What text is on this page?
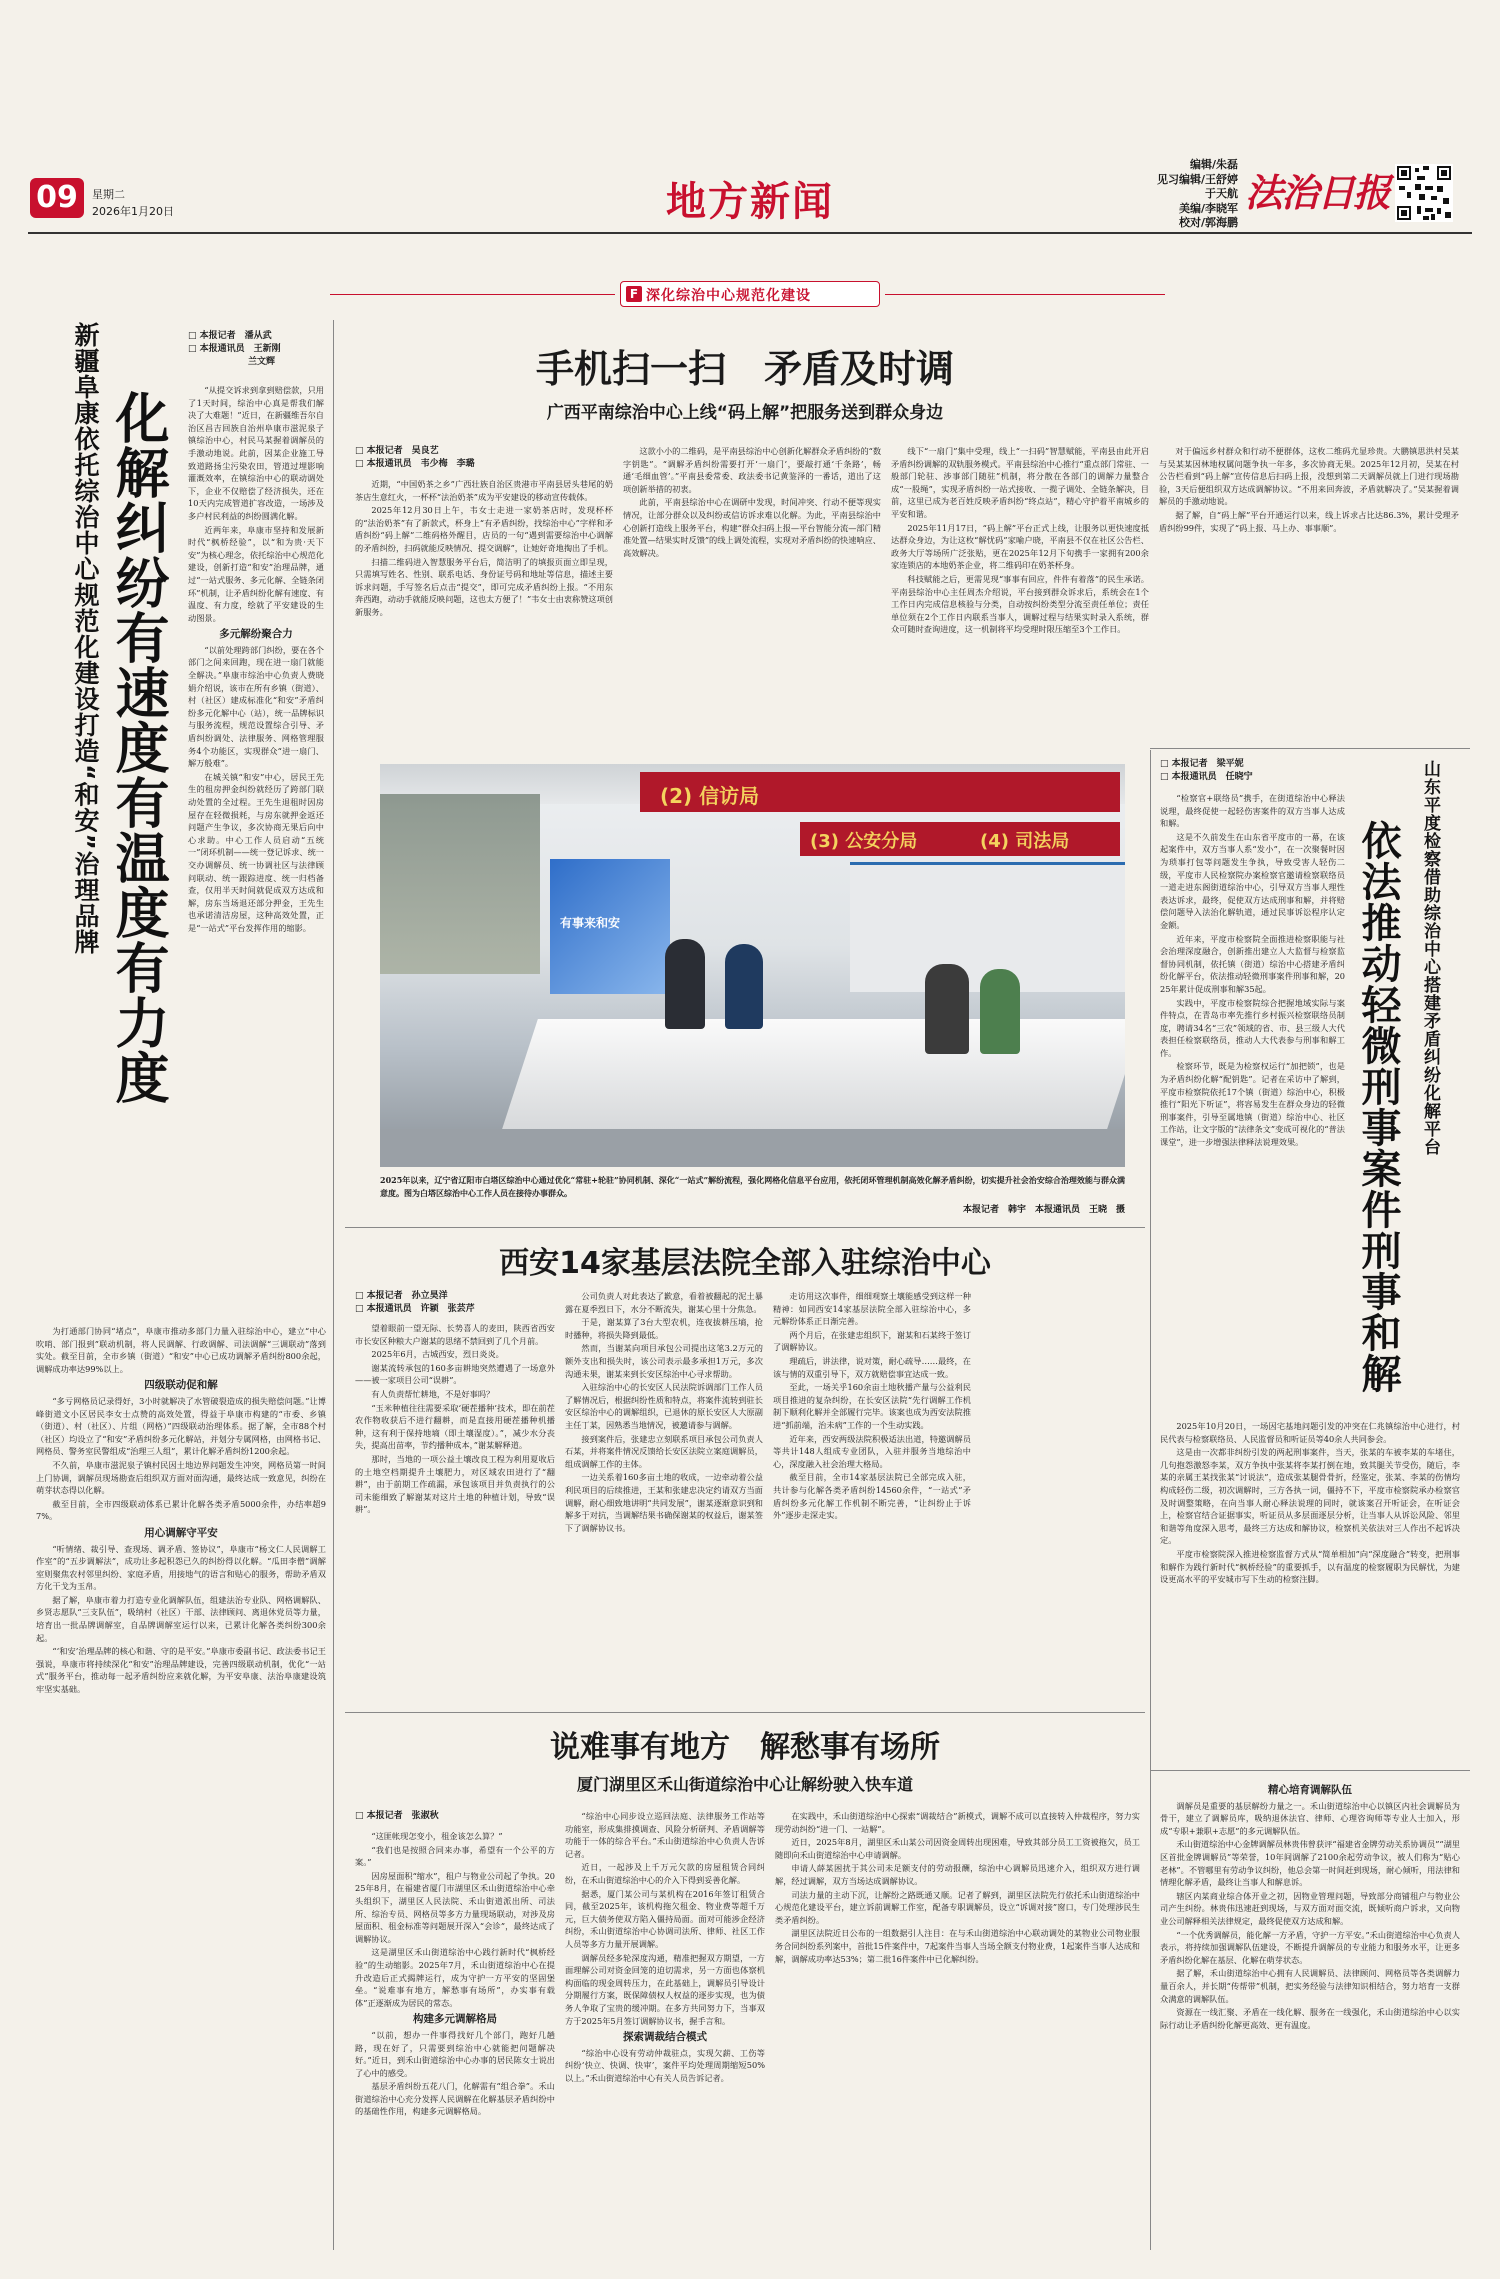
09	星期二
2026年1月20日	地方新闻
编辑/朱磊
见习编辑/王舒婷
于天航
美编/李晓军
校对/郭海鹏
法治日报
F 深化综治中心规范化建设
新疆阜康依托综治中心规范化建设打造“和安”治理品牌 化解纠纷有速度有温度有力度
□ 本报记者　潘从武
□ 本报通讯员　王新刚
兰文辉

“从提交诉求到拿到赔偿款，只用了1天时间，综治中心真是帮我们解决了大难题！”近日，在新疆维吾尔自治区昌吉回族自治州阜康市滋泥泉子镇综治中心，村民马某握着调解员的手激动地说。此前，因某企业施工导致道路扬尘污染农田，管道过埋影响灌溉效率，在镇综治中心的联动调处下，企业不仅赔偿了经济损失，还在10天内完成管道扩容改造，一场涉及多户村民利益的纠纷圆满化解。

近两年来，阜康市坚持和发展新时代“枫桥经验”，以“和为贵·天下安”为核心理念，依托综治中心规范化建设，创新打造“和安”治理品牌，通过“一站式服务、多元化解、全链条闭环”机制，让矛盾纠纷化解有速度、有温度、有力度，绘就了平安建设的生动图景。

多元解纷聚合力

“以前处理跨部门纠纷，要在各个部门之间来回跑，现在进一扇门就能全解决。”阜康市综治中心负责人费晓娟介绍说，该市在所有乡镇（街道）、村（社区）建成标准化“和安”矛盾纠纷多元化解中心（站），统一品牌标识与服务流程，规范设置综合引导、矛盾纠纷调处、法律服务、网格管理服务4个功能区，实现群众“进一扇门、解万般难”。

在城关镇“和安”中心，居民王先生的租房押金纠纷就经历了跨部门联动处置的全过程。王先生退租时因房屋存在轻微损耗，与房东就押金返还问题产生争议，多次协商无果后向中心求助。中心工作人员启动“五统一”闭环机制——统一登记诉求、统一交办调解员、统一协调社区与法律顾问联动、统一跟踪进度、统一归档备查，仅用半天时间就促成双方达成和解，房东当场退还部分押金，王先生也承诺清洁房屋，这种高效处置，正是“一站式”平台发挥作用的缩影。

为打通部门协同“堵点”，阜康市推动多部门力量入驻综治中心，建立“中心吹哨、部门报到”联动机制，将人民调解、行政调解、司法调解“三调联动”落到实处。截至目前，全市乡镇（街道）“和安”中心已成功调解矛盾纠纷800余起，调解成功率达99%以上。

四级联动促和解

“多亏网格员记录得好，3小时就解决了水管破裂造成的损失赔偿问题。”让博峰街道文小区居民李女士点赞的高效处置，得益于阜康市构建的“市委、乡镇（街道）、村（社区）、片组（网格）”四级联动治理体系。据了解，全市88个村（社区）均设立了“和安”矛盾纠纷多元化解站，并划分专属网格，由网格书记、网格员、警务室民警组成“治理三人组”，累计化解矛盾纠纷1200余起。

不久前，阜康市滋泥泉子镇村民因土地边界问题发生冲突，网格员第一时间上门协调，调解员现场勘查后组织双方面对面沟通，最终达成一致意见，纠纷在萌芽状态得以化解。

截至目前，全市四级联动体系已累计化解各类矛盾5000余件，办结率超97%。

用心调解守平安

“听情绪、裁引导、查现场、调矛盾、签协议”，阜康市“杨文仁人民调解工作室”的“五步调解法”，成功让多起积怨已久的纠纷得以化解。“瓜田李僧”调解室则聚焦农村邻里纠纷、家庭矛盾，用接地气的语言和贴心的服务，帮助矛盾双方化干戈为玉帛。

据了解，阜康市着力打造专业化调解队伍，组建法治专业队、网格调解队、乡贤志愿队“三支队伍”，吸纳村（社区）干部、法律顾问、离退休党员等力量，培育出一批品牌调解室，自品牌调解室运行以来，已累计化解各类纠纷300余起。

“‘和安’治理品牌的核心和谐、守的是平安。”阜康市委副书记、政法委书记王强说，阜康市将持续深化“和安”治理品牌建设，完善四级联动机制，优化“一站式”服务平台，推动每一起矛盾纠纷应来就化解，为平安阜康、法治阜康建设筑牢坚实基础。

手机扫一扫　矛盾及时调
广西平南综治中心上线“码上解”把服务送到群众身边
□ 本报记者　吴良艺
□ 本报通讯员　韦少梅　李璐

近期，“中国奶茶之乡”广西壮族自治区贵港市平南县居头巷尾的奶茶店生意红火，一杯杯“法治奶茶”成为平安建设的移动宣传载体。

2025年12月30日上午，韦女士走进一家奶茶店时，发现杯杯的“法治奶茶”有了新款式，杯身上“有矛盾纠纷，找综治中心”字样和矛盾纠纷“码上解”二维码格外醒目，店员的一句“遇到需要综治中心调解的矛盾纠纷，扫码就能反映情况、提交调解”，让她好奇地掏出了手机。

扫描二维码进入智慧服务平台后，简洁明了的填报页面立即呈现，只需填写姓名、性别、联系电话、身份证号码和地址等信息，描述主要诉求问题，手写签名后点击“提交”，即可完成矛盾纠纷上报。“不用东奔西跑，动动手就能反映问题，这也太方便了！”韦女士由衷称赞这项创新服务。

这款小小的二维码，是平南县综治中心创新化解群众矛盾纠纷的“数字钥匙”。“调解矛盾纠纷需要打开‘一扇门’，要敲打通‘千条路’，畅通‘毛细血管’。”平南县委常委、政法委书记黄鉴泽的一番话，道出了这项创新举措的初衷。

此前，平南县综治中心在调研中发现，时间冲突、行动不便等现实情况，让部分群众以及纠纷或信访诉求难以化解。为此，平南县综治中心创新打造线上服务平台，构建“群众扫码上报—平台智能分流—部门精准处置—结果实时反馈”的线上调处流程，实现对矛盾纠纷的快速响应、高效解决。

线下“一扇门”集中受理，线上“一扫码”智慧赋能，平南县由此开启矛盾纠纷调解的双轨服务模式。平南县综治中心推行“重点部门常驻、一般部门轮驻、涉事部门随驻”机制，将分散在各部门的调解力量整合成“一股绳”，实现矛盾纠纷一站式接收、一揽子调处、全链条解决，目前，这里已成为老百姓反映矛盾纠纷“终点站”，精心守护着平南城乡的平安和谐。

2025年11月17日，“码上解”平台正式上线，让服务以更快速度抵达群众身边，为让这枚“解忧码”家喻户晓，平南县不仅在社区公告栏、政务大厅等场所广泛张贴，更在2025年12月下旬携手一家拥有200余家连锁店的本地奶茶企业，将二维码印在奶茶杯身。

科技赋能之后，更需见现“事事有回应，件件有着落”的民生承诺。平南县综治中心主任周杰介绍说，平台接到群众诉求后，系统会在1个工作日内完成信息核验与分类，自动按纠纷类型分流至责任单位；责任单位须在2个工作日内联系当事人，调解过程与结果实时录入系统，群众可随时查询进度，这一机制将平均受理时限压缩至3个工作日。

对于偏远乡村群众和行动不便群体，这枚二维码尤显珍贵。大鹏镇思洪村吴某与吴某某因林地权属问题争执一年多，多次协商无果。2025年12月初，吴某在村公告栏看到“码上解”宣传信息后扫码上报，没想到第二天调解员就上门进行现场勘验，3天后便组织双方达成调解协议。“不用来回奔波，矛盾就解决了。”吴某握着调解员的手激动地说。

据了解，自“码上解”平台开通运行以来，线上诉求占比达86.3%，累计受理矛盾纠纷99件，实现了“码上报、马上办、事事顺”。

(2) 信访局
(3) 公安分局	(4) 司法局
有事来和安
2025年以来，辽宁省辽阳市白塔区综治中心通过优化“常驻+轮驻”协同机制、深化“一站式”解纷流程，强化网格化信息平台应用，依托闭环管理机制高效化解矛盾纠纷，切实提升社会治安综合治理效能与群众满意度。图为白塔区综治中心工作人员在接待办事群众。
本报记者　韩宇　本报通讯员　王晓　摄
山东平度检察借助综治中心搭建矛盾纠纷化解平台
依法推动轻微刑事案件刑事和解
□ 本报记者　梁平妮
□ 本报通讯员　任晓宁

“检察官+联络员”携手，在街道综治中心释法说理，最终促使一起轻伤害案件的双方当事人达成和解。

这是不久前发生在山东省平度市的一幕，在该起案件中，双方当事人系“发小”，在一次聚餐时因为琐事打包等问题发生争执，导致受害人轻伤二级，平度市人民检察院办案检察官邀请检察联络员一道走进东阁街道综治中心，引导双方当事人理性表达诉求，最终，促使双方达成刑事和解，并将赔偿问题导入法治化解轨道，通过民事诉讼程序认定金额。

近年来，平度市检察院全面推进检察职能与社会治理深度融合，创新推出建立人大监督与检察监督协同机制，依托镇（街道）综治中心搭建矛盾纠纷化解平台，依法推动轻微刑事案件刑事和解，2025年累计促成刑事和解35起。

实践中，平度市检察院综合把握地域实际与案件特点，在青岛市率先推行乡村振兴检察联络员制度，聘请34名“三农”领域的省、市、县三级人大代表担任检察联络员，推动人大代表参与刑事和解工作。

检察环节，既是为检察权运行“加把锁”，也是为矛盾纠纷化解“配钥匙”。记者在采访中了解到，平度市检察院依托17个镇（街道）综治中心，积极推行“阳光下听证”，将容易发生在群众身边的轻微刑事案件，引导至属地镇（街道）综治中心、社区工作站，让文字版的“法律条文”变成可视化的“普法课堂”，进一步增强法律释法说理效果。

2025年10月20日，一场因宅基地问题引发的冲突在仁兆镇综治中心进行，村民代表与检察联络员、人民监督员和听证员等40余人共同参会。

这是由一次都非纠纷引发的两起刑事案件，当天，张某的车被李某的车堵住，几句抱怨激怒李某，双方争执中张某将李某打倒在地，致其腿关节受伤，随后，李某的亲属王某找张某“讨说法”，造成张某腿骨骨折，经鉴定，张某、李某的伤情均构成轻伤二级，初次调解时，三方各执一词，僵持不下，平度市检察院承办检察官及时调整策略，在向当事人耐心释法说理的同时，就该案召开听证会，在听证会上，检察官结合证据事实，听证员从多层面逐层分析，让当事人从诉讼风险、邻里和谐等角度深入思考，最终三方达成和解协议，检察机关依法对三人作出不起诉决定。

平度市检察院深入推进检察监督方式从“简单相加”向“深度融合”转变，把刑事和解作为践行新时代“枫桥经验”的重要抓手，以有温度的检察履职为民解忧，为建设更高水平的平安城市写下生动的检察注脚。

西安14家基层法院全部入驻综治中心
□ 本报记者　孙立昊洋
□ 本报通讯员　许颖　张芸芹

望着眼前一望无际、长势喜人的麦田，陕西省西安市长安区种粮大户谢某的思绪不禁回到了几个月前。

2025年6月，古城西安，烈日炎炎。

谢某流转承包的160多亩耕地突然遭遇了一场意外——被一家项目公司“误耕”。

有人负责帮忙耕地，不是好事吗？

“玉米种植往往需要采取‘硬茬播种’技术，即在前茬农作物收获后不进行翻耕，而是直接用硬茬播种机播种，这有利于保持地墒（即土壤湿度）。”，减少水分丧失，提高出苗率，节约播种成本，”谢某解释道。

那时，当地的一项公益土壤改良工程为利用夏收后的土地空档期提升土壤肥力，对区域农田进行了“翻耕”，由于前期工作疏漏，承包该项目并负责执行的公司未能细致了解谢某对这片土地的种植计划，导致“误耕”。

公司负责人对此表达了歉意，看着被翻起的泥土暴露在夏季烈日下，水分不断流失，谢某心里十分焦急。

于是，谢某算了3台大型农机，连夜拔耕压墒，抢时播种，将损失降到最低。

然而，当谢某向项目承包公司提出这笔3.2万元的额外支出和损失时，该公司表示最多承担1万元，多次沟通未果，谢某来到长安区综治中心寻求帮助。

入驻综治中心的长安区人民法院诉调部门工作人员了解情况后，根据纠纷性质和特点，将案件流转到驻长安区综治中心的调解组织，已退休的原长安区人大原副主任丁某，因熟悉当地情况，被邀请参与调解。

接到案件后，张建忠立刻联系项目承包公司负责人石某，并将案件情况反馈给长安区法院立案庭调解员，组成调解工作的主体。

一边关系着160多亩土地的收成，一边牵动着公益利民项目的后续推进，王某和张建忠决定约请双方当面调解，耐心细致地讲明“共同发展”，谢某逐渐意识到和解多于对抗，当调解结果书确保谢某的权益后，谢某签下了调解协议书。

走访用这次事件，细细观察土壤能感受到这样一种精神：如同西安14家基层法院全部入驻综治中心，多元解纷体系正日渐完善。

两个月后，在张建忠组织下，谢某和石某终于签订了调解协议。

理疏后，讲法律，说对策，耐心疏导……最终，在该与情的双重引导下，双方就赔偿事宜达成一致。

至此，一场关乎160余亩土地秋播产量与公益利民项目推进的复杂纠纷，在长安区法院“先行调解工作机制下顺利化解并全部履行完毕。该案也成为西安法院推进“抓前端，治未病”工作的一个生动实践。

近年来，西安两级法院积极适法出道，特邀调解员等共计148人组成专业团队，入驻并服务当地综治中心，深度融入社会治理大格局。

截至目前，全市14家基层法院已全部完成入驻，共计参与化解各类矛盾纠纷14560余件，“一站式”矛盾纠纷多元化解工作机制不断完善，“让纠纷止于诉外”逐步走深走实。

说难事有地方　解愁事有场所
厦门湖里区禾山街道综治中心让解纷驶入快车道
□ 本报记者　张淑秋

“这匪帐现怎变小，租金该怎么算？”

“我们也是按照合同来办事，希望有一个公平的方案。”

因房屋面积“缩水”，租户与物业公司起了争执。2025年8月，在福建省厦门市湖里区禾山街道综治中心牵头组织下，湖里区人民法院、禾山街道派出所、司法所、综治专员、网格员等多方力量现场联动，对涉及房屋面积、租金标准等问题展开深入“会诊”，最终达成了调解协议。

这是湖里区禾山街道综治中心践行新时代“枫桥经验”的生动缩影。2025年7月，禾山街道综治中心在提升改造后正式揭牌运行，成为守护一方平安的坚固堡垒。“说难事有地方，解愁事有场所”，办实事有载体”正逐渐成为居民的常态。

构建多元调解格局

“以前，想办一件事得找好几个部门，跑好几趟路，现在好了，只需要到综治中心就能把问题解决好。”近日，到禾山街道综治中心办事的居民陈女士说出了心中的感受。

基层矛盾纠纷五花八门，化解需有“组合拳”。禾山街道综治中心充分发挥人民调解在化解基层矛盾纠纷中的基础性作用，构建多元调解格局。

“综治中心同步设立巡回法庭、法律服务工作站等功能室，形成集排摸调查、风险分析研判、矛盾调解等功能于一体的综合平台。”禾山街道综治中心负责人告诉记者。

近日，一起涉及上千万元欠款的房屋租赁合同纠纷，在禾山街道综治中心的介入下得到妥善化解。

据悉，厦门某公司与某机构在2016年签订租赁合同，截至2025年，该机构拖欠租金、物业费等超千万元，巨大债务使双方陷入僵持局面。面对可能涉企经济纠纷，禾山街道综治中心协调司法所、律师、社区工作人员等多方力量开展调解。

调解员经多轮深度沟通，精准把握双方期望，一方面理解公司对资金回笼的迫切需求，另一方面也体察机构面临的现金周转压力，在此基础上，调解员引导设计分期履行方案，既保障债权人权益的逐步实现，也为债务人争取了宝贵的缓冲期。在多方共同努力下，当事双方于2025年5月签订调解协议书，握手言和。

探索调裁结合模式

“综治中心设有劳动仲裁驻点，实现欠薪、工伤等纠纷‘快立、快调、快审’，案件平均处理周期缩短50%以上。”禾山街道综治中心有关人员告诉记者。

在实践中，禾山街道综治中心探索“调裁结合”新模式，调解不成可以直接转入仲裁程序，努力实现劳动纠纷“进一门、一站解”。

近日，2025年8月，湖里区禾山某公司因资金周转出现困难，导致其部分员工工资被拖欠，员工随即向禾山街道综治中心申请调解。

申请人薛某困扰于其公司未足额支付的劳动报酬，综治中心调解员迅速介入，组织双方进行调解，经过调解，双方当场达成调解协议。

司法力量的主动下沉，让解纷之路既通又顺。记者了解到，湖里区法院先行依托禾山街道综治中心规范化建设平台，建立诉前调解工作室，配备专职调解员，设立“诉调对接”窗口，专门处理涉民生类矛盾纠纷。

湖里区法院近日公布的一组数据引人注目：在与禾山街道综治中心联动调处的某物业公司物业服务合同纠纷系列案中，首批15件案件中，7起案件当事人当场全额支付物业费，1起案件当事人达成和解，调解成功率达53%；第二批16件案件中已化解纠纷。

精心培育调解队伍

调解员是重要的基层解纷力量之一。禾山街道综治中心以镇区内社会调解员为骨干，建立了调解员库，吸纳退休法官、律师、心理咨询师等专业人士加入，形成“专职+兼职+志愿”的多元调解队伍。

禾山街道综治中心金牌调解员林贵伟曾获评“福建省金牌劳动关系协调员”“湖里区首批金牌调解员”等荣誉，10年间调解了2100余起劳动争议，被人们称为“贴心老林”。不管哪里有劳动争议纠纷，他总会第一时间赶到现场，耐心倾听，用法律和情理化解矛盾，最终让当事人和解息诉。

辖区内某商业综合体开业之初，因物业管理问题，导致部分商铺租户与物业公司产生纠纷。林贵伟迅速赶到现场，与双方面对面交流，既倾听商户诉求，又向物业公司解释相关法律规定，最终促使双方达成和解。

“一个优秀调解员，能化解一方矛盾，守护一方平安。”禾山街道综治中心负责人表示，将持续加强调解队伍建设，不断提升调解员的专业能力和服务水平，让更多矛盾纠纷化解在基层、化解在萌芽状态。

据了解，禾山街道综治中心拥有人民调解员、法律顾问、网格员等各类调解力量百余人，并长期“传帮带”机制，把实务经验与法律知识相结合，努力培育一支群众满意的调解队伍。

资源在一线汇聚、矛盾在一线化解、服务在一线强化，禾山街道综治中心以实际行动让矛盾纠纷化解更高效、更有温度。
